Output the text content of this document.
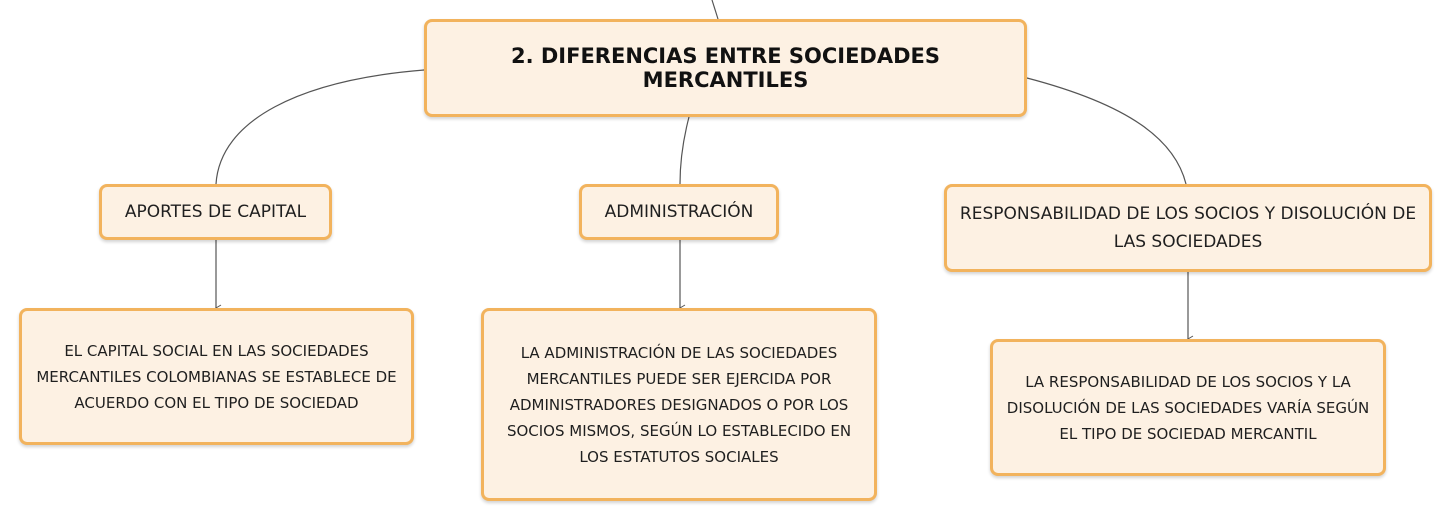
2. DIFERENCIAS ENTRE SOCIEDADES MERCANTILES
APORTES DE CAPITAL	ADMINISTRACIÓN	RESPONSABILIDAD DE LOS SOCIOS Y DISOLUCIÓN DE LAS SOCIEDADES
EL CAPITAL SOCIAL EN LAS SOCIEDADES MERCANTILES COLOMBIANAS SE ESTABLECE DE ACUERDO CON EL TIPO DE SOCIEDAD
LA ADMINISTRACIÓN DE LAS SOCIEDADES MERCANTILES PUEDE SER EJERCIDA POR ADMINISTRADORES DESIGNADOS O POR LOS SOCIOS MISMOS, SEGÚN LO ESTABLECIDO EN LOS ESTATUTOS SOCIALES
LA RESPONSABILIDAD DE LOS SOCIOS Y LA DISOLUCIÓN DE LAS SOCIEDADES VARÍA SEGÚN EL TIPO DE SOCIEDAD MERCANTIL
